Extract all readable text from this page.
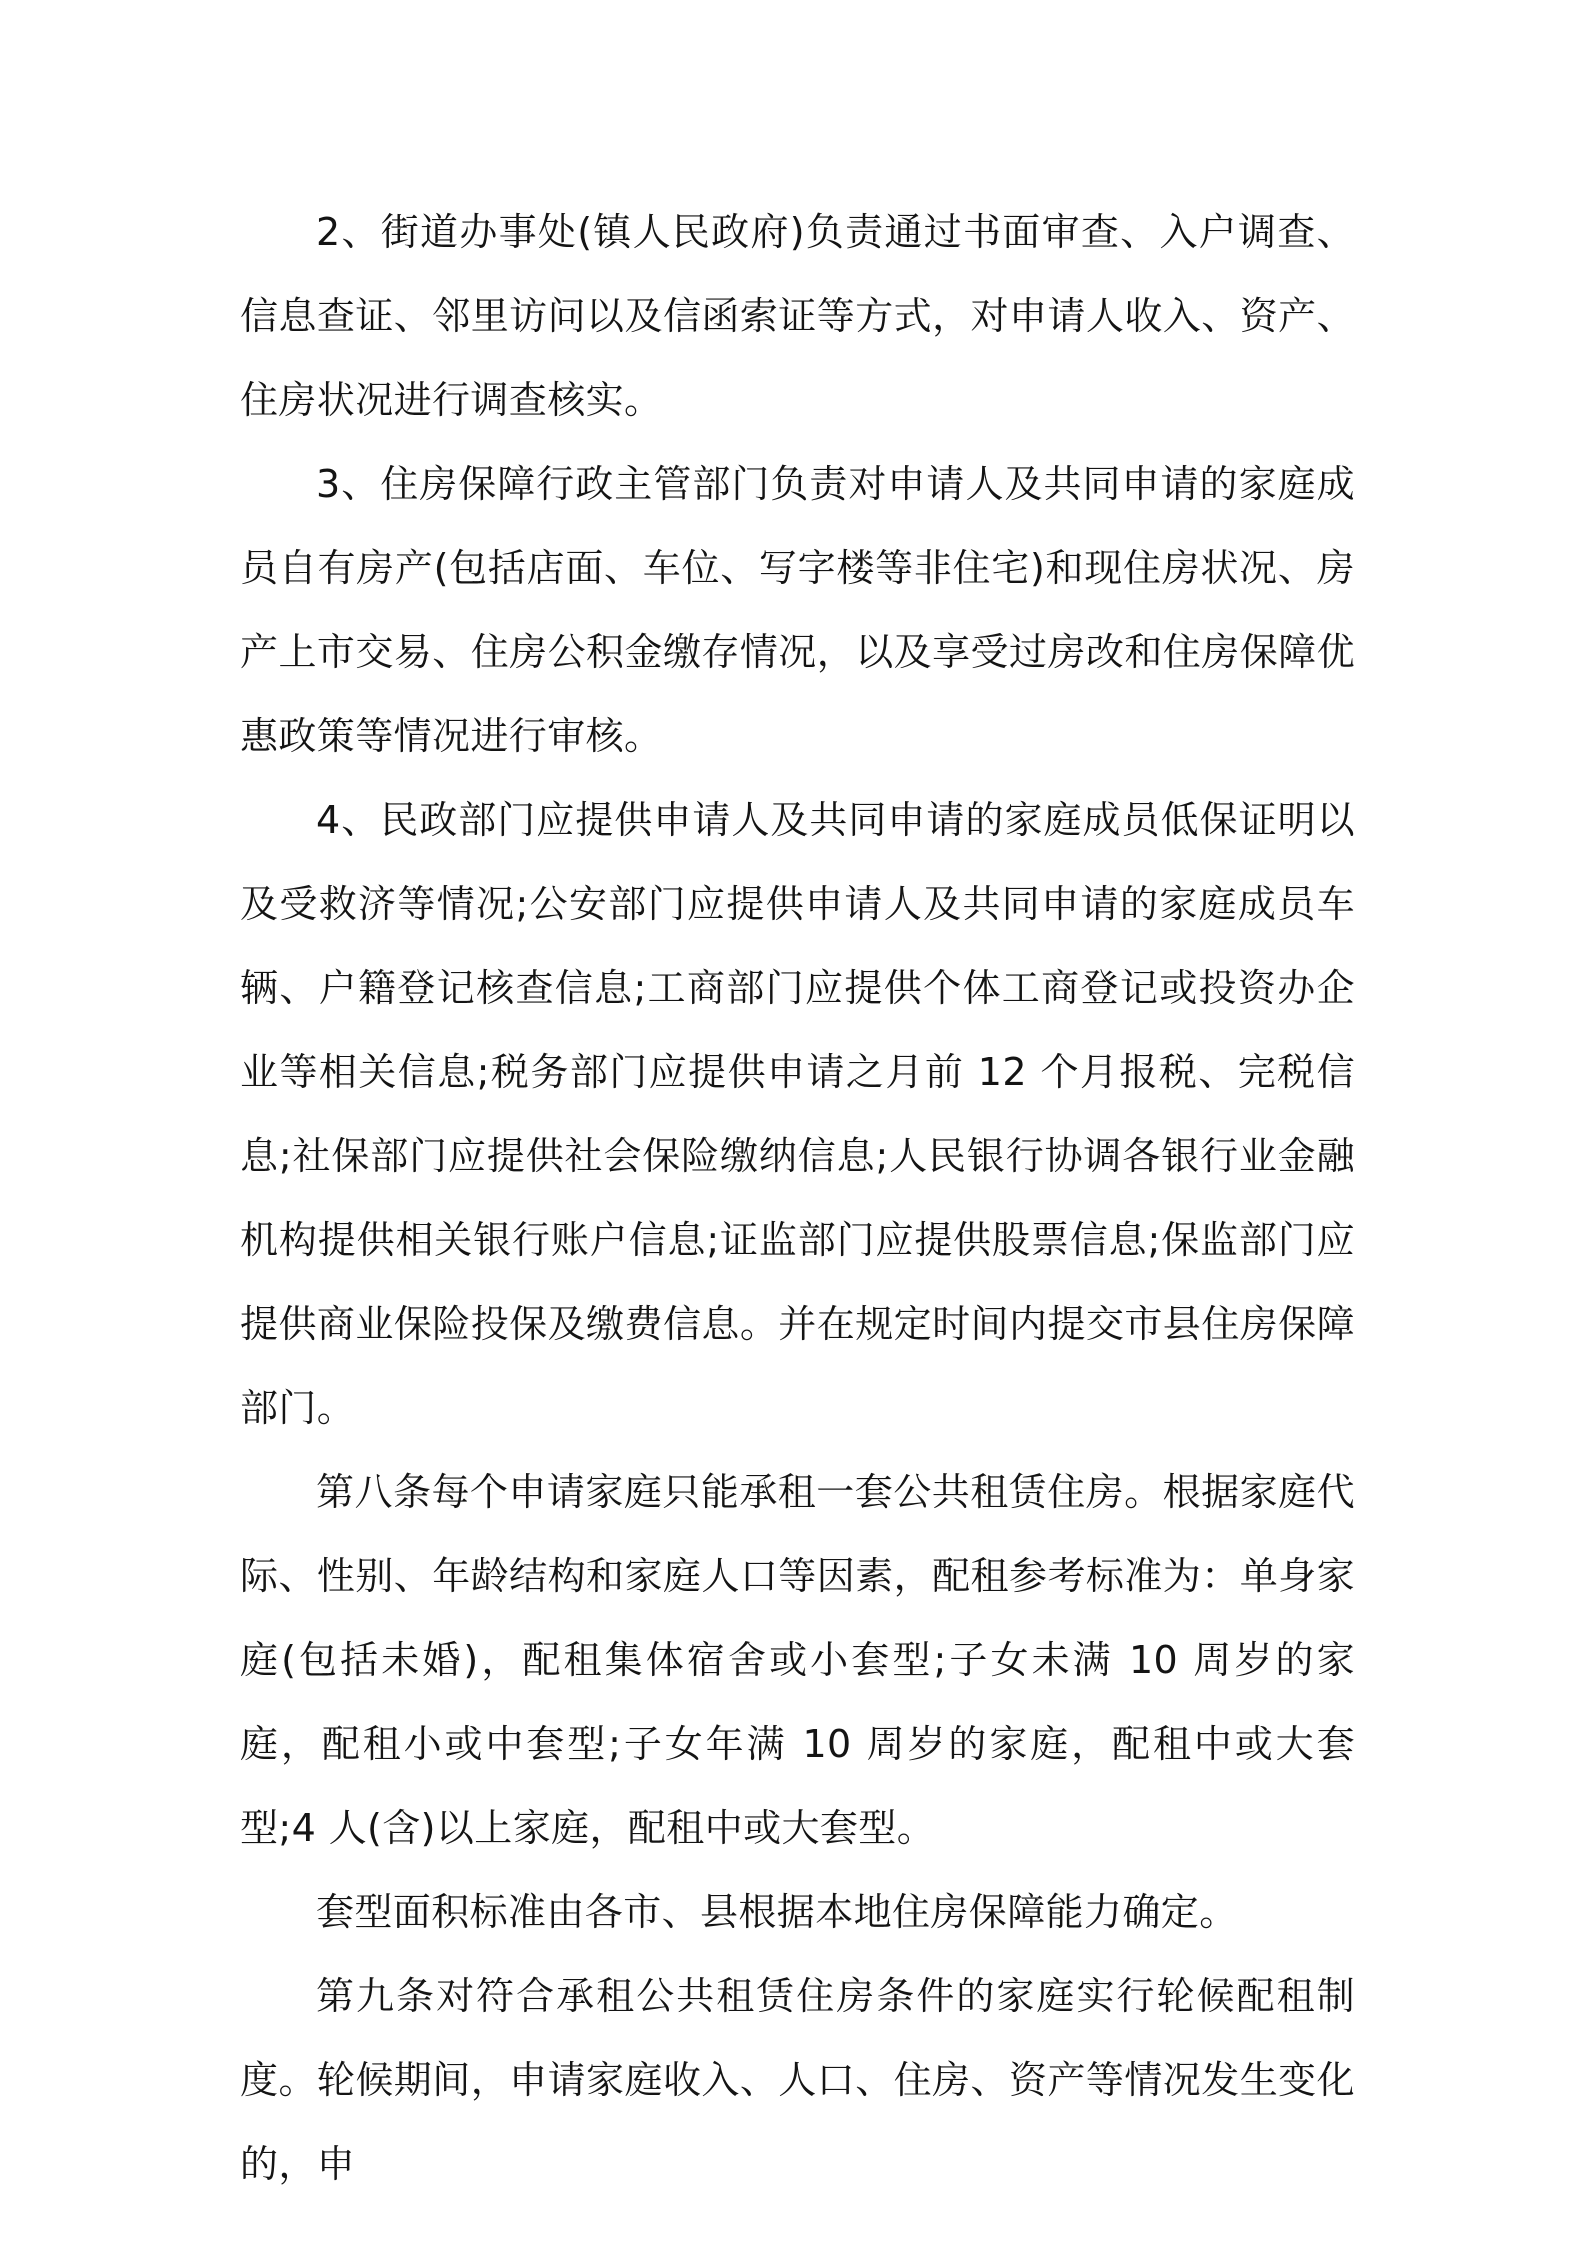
2、街道办事处(镇人民政府)负责通过书面审查、入户调查、信息查证、邻里访问以及信函索证等方式，对申请人收入、资产、住房状况进行调查核实。

3、住房保障行政主管部门负责对申请人及共同申请的家庭成员自有房产(包括店面、车位、写字楼等非住宅)和现住房状况、房产上市交易、住房公积金缴存情况，以及享受过房改和住房保障优惠政策等情况进行审核。

4、民政部门应提供申请人及共同申请的家庭成员低保证明以及受救济等情况;公安部门应提供申请人及共同申请的家庭成员车辆、户籍登记核查信息;工商部门应提供个体工商登记或投资办企业等相关信息;税务部门应提供申请之月前 12 个月报税、完税信息;社保部门应提供社会保险缴纳信息;人民银行协调各银行业金融机构提供相关银行账户信息;证监部门应提供股票信息;保监部门应提供商业保险投保及缴费信息。并在规定时间内提交市县住房保障部门。

第八条每个申请家庭只能承租一套公共租赁住房。根据家庭代际、性别、年龄结构和家庭人口等因素，配租参考标准为：单身家庭(包括未婚)，配租集体宿舍或小套型;子女未满 10 周岁的家庭，配租小或中套型;子女年满 10 周岁的家庭，配租中或大套型;4 人(含)以上家庭，配租中或大套型。

套型面积标准由各市、县根据本地住房保障能力确定。

第九条对符合承租公共租赁住房条件的家庭实行轮候配租制度。轮候期间，申请家庭收入、人口、住房、资产等情况发生变化的，申
